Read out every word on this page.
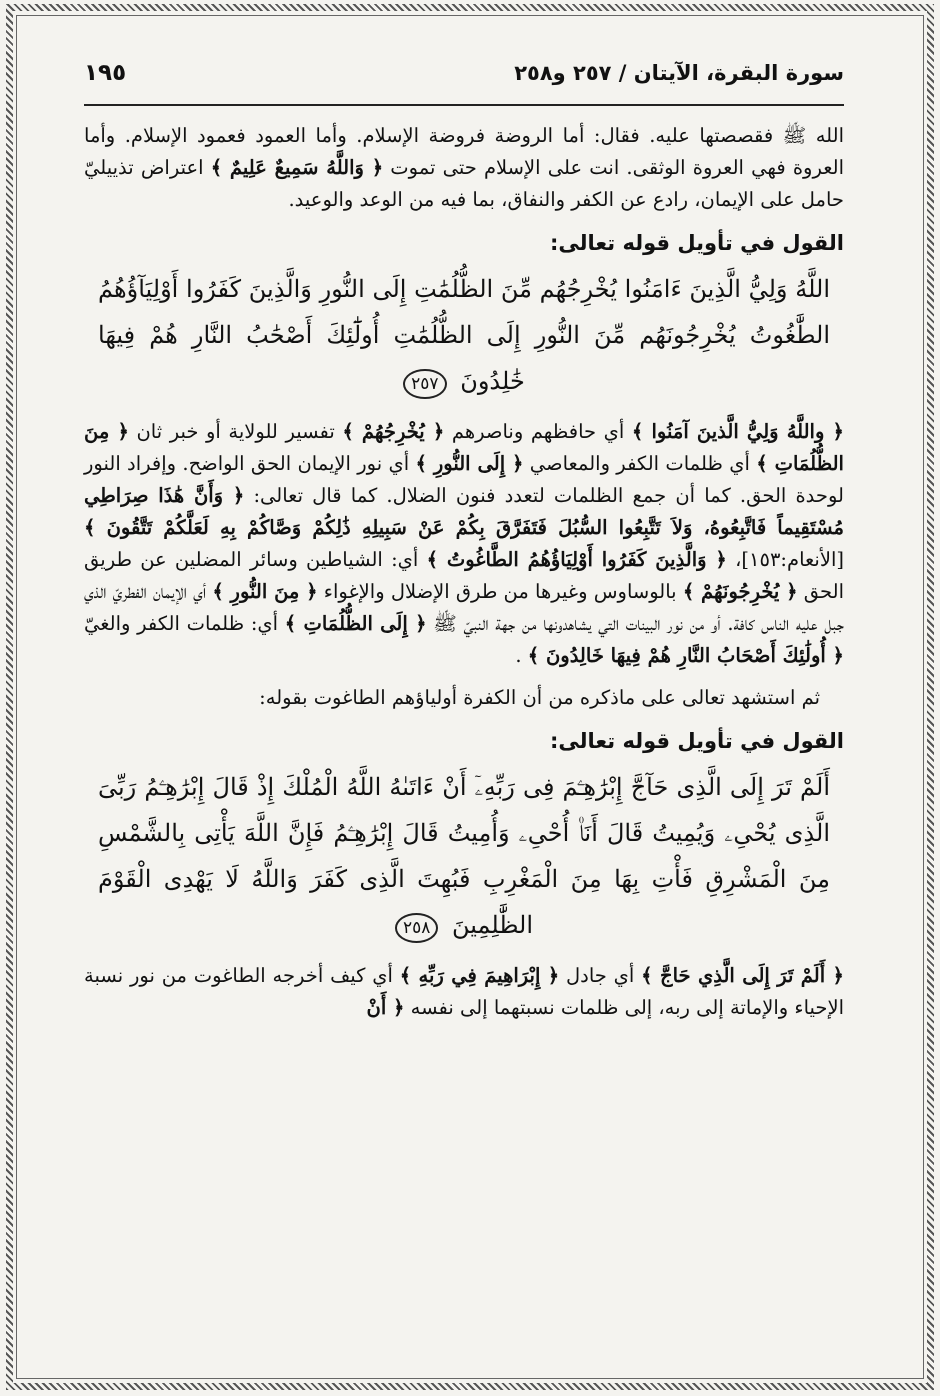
سورة البقرة، الآيتان / ٢٥٧ و٢٥٨
١٩٥

الله ﷺ فقصصتها عليه. فقال: أما الروضة فروضة الإسلام. وأما العمود فعمود الإسلام. وأما العروة فهي العروة الوثقى. انت على الإسلام حتى تموت ﴿ وَاللَّهُ سَمِيعٌ عَلِيمٌ ﴾ اعتراض تذييليّ حامل على الإيمان، رادع عن الكفر والنفاق، بما فيه من الوعد والوعيد.

القول في تأويل قوله تعالى:
اللَّهُ وَلِيُّ الَّذِينَ ءَامَنُوا يُخْرِجُهُم مِّنَ الظُّلُمَٰتِ إِلَى النُّورِ وَالَّذِينَ كَفَرُوا أَوْلِيَآؤُهُمُ الطَّٰغُوتُ يُخْرِجُونَهُم مِّنَ النُّورِ إِلَى الظُّلُمَٰتِ أُولَٰٓئِكَ أَصْحَٰبُ النَّارِ هُمْ فِيهَا خَٰلِدُونَ ٢٥٧

﴿ واللَّهُ وَلِيُّ الَّذينَ آمَنُوا ﴾ أي حافظهم وناصرهم ﴿ يُخْرِجُهُمْ ﴾ تفسير للولاية أو خبر ثان ﴿ مِنَ الظُّلُمَاتِ ﴾ أي ظلمات الكفر والمعاصي ﴿ إِلَى النُّورِ ﴾ أي نور الإيمان الحق الواضح. وإفراد النور لوحدة الحق. كما أن جمع الظلمات لتعدد فنون الضلال. كما قال تعالى: ﴿ وَأَنَّ هَٰذَا صِرَاطِي مُسْتَقِيماً فَاتَّبِعُوهُ، وَلاَ تَتَّبِعُوا السُّبُلَ فَتَفَرَّقَ بِكُمْ عَنْ سَبِيلِهِ ذَٰلِكُمْ وَصَّاكُمْ بِهِ لَعَلَّكُمْ تَتَّقُونَ ﴾ [الأنعام:١٥٣]، ﴿ وَالَّذِينَ كَفَرُوا أَوْلِيَاؤُهُمُ الطَّاغُوتُ ﴾ أي: الشياطين وسائر المضلين عن طريق الحق ﴿ يُخْرِجُونَهُمْ ﴾ بالوساوس وغيرها من طرق الإضلال والإغواء ﴿ مِنَ النُّورِ ﴾ أي الإيمان الفطريّ الذي جبل عليه الناس كافة. أو من نور البينات التي يشاهدونها من جهة النبيّ ﷺ ﴿ إِلَى الظُّلُمَاتِ ﴾ أي: ظلمات الكفر والغيّ ﴿ أُولَٰئِكَ أَصْحَابُ النَّارِ هُمْ فِيهَا خَالِدُونَ ﴾ .

ثم استشهد تعالى على ماذكره من أن الكفرة أولياؤهم الطاغوت بقوله:

القول في تأويل قوله تعالى:
أَلَمْ تَرَ إِلَى الَّذِى حَآجَّ إِبْرَٰهِـۧمَ فِى رَبِّهِۦٓ أَنْ ءَاتَىٰهُ اللَّهُ الْمُلْكَ إِذْ قَالَ إِبْرَٰهِـۧمُ رَبِّىَ الَّذِى يُحْىِۦ وَيُمِيتُ قَالَ أَنَا۠ أُحْىِۦ وَأُمِيتُ قَالَ إِبْرَٰهِـۧمُ فَإِنَّ اللَّهَ يَأْتِى بِالشَّمْسِ مِنَ الْمَشْرِقِ فَأْتِ بِهَا مِنَ الْمَغْرِبِ فَبُهِتَ الَّذِى كَفَرَ وَاللَّهُ لَا يَهْدِى الْقَوْمَ الظَّٰلِمِينَ ٢٥٨

﴿ أَلَمْ تَرَ إِلَى الَّذِي حَاجَّ ﴾ أي جادل ﴿ إِبْرَاهِيمَ فِي رَبِّهِ ﴾ أي كيف أخرجه الطاغوت من نور نسبة الإحياء والإماتة إلى ربه، إلى ظلمات نسبتهما إلى نفسه ﴿ أَنْ
